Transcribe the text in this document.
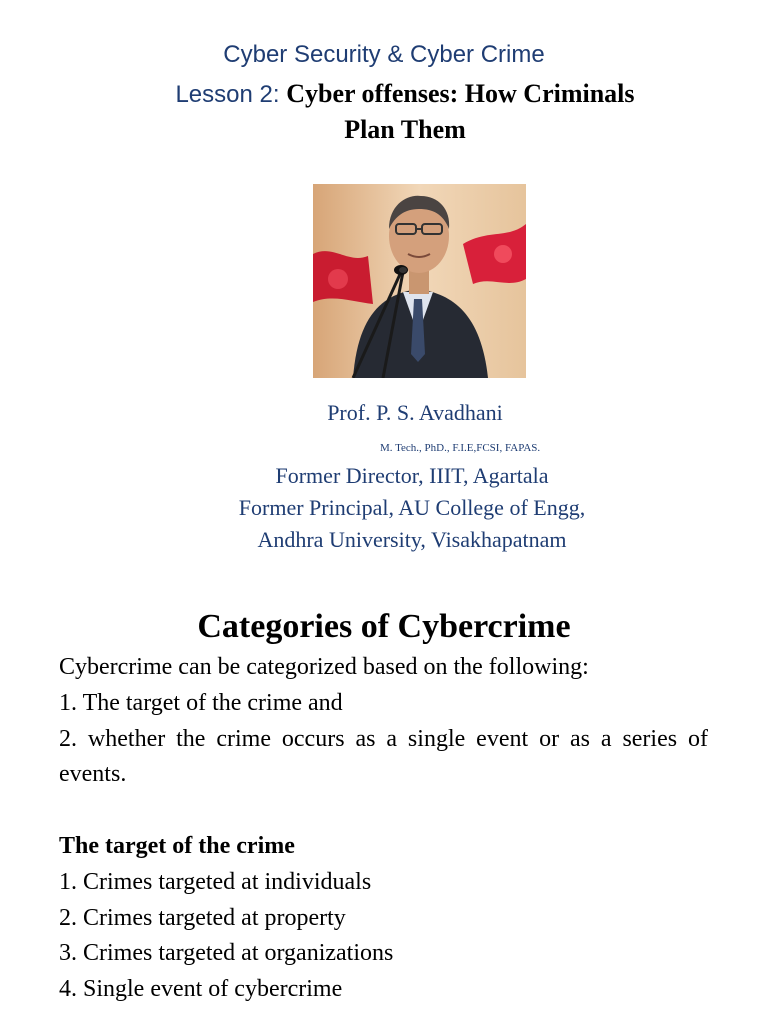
Cyber Security & Cyber Crime
Lesson 2: Cyber offenses: How Criminals
Plan Them
Prof. P. S. Avadhani
M. Tech., PhD., F.I.E,FCSI, FAPAS.
Former Director, IIIT, Agartala
Former Principal, AU College of Engg,
Andhra University, Visakhapatnam
Categories of Cybercrime

Cybercrime can be categorized based on the following:

1. The target of the crime and

2. whether the crime occurs as a single event or as a series of events.

The target of the crime

1. Crimes targeted at individuals

2. Crimes targeted at property

3. Crimes targeted at organizations

4. Single event of cybercrime
